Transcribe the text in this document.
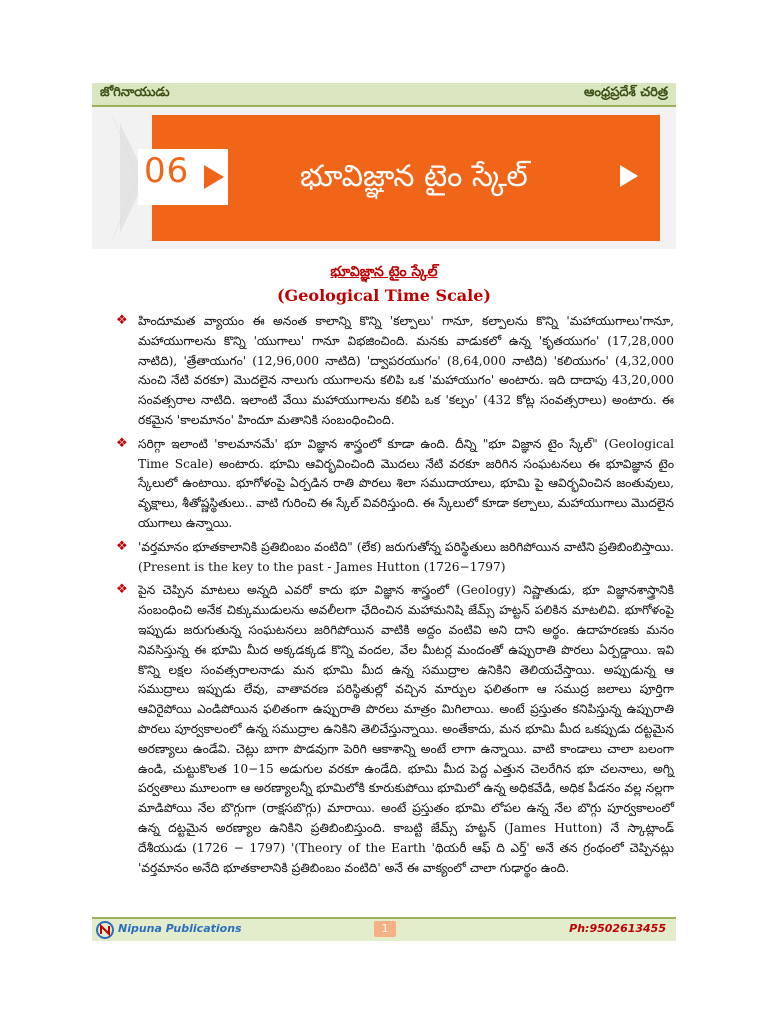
జోగినాయుడు	ఆంధ్రప్రదేశ్ చరిత్ర
06	భూవిజ్ఞాన టైం స్కేల్
భూవిజ్ఞాన టైం స్కేల్
(Geological Time Scale)

❖ హిందూమత వ్యాయం ఈ అనంత కాలాన్ని కొన్ని 'కల్పాలు' గానూ, కల్పాలను కొన్ని 'మహాయుగాలు'గానూ, మహాయుగాలను కొన్ని 'యుగాలు' గానూ విభజించింది. మనకు వాడుకలో ఉన్న 'కృతయుగం' (17,28,000 నాటిది), 'త్రేతాయుగం' (12,96,000 నాటిది) 'ద్వాపరయుగం' (8,64,000 నాటిది) 'కలియుగం' (4,32,000 నుంచి నేటి వరకూ) మొదలైన నాలుగు యుగాలను కలిపి ఒక 'మహాయుగం' అంటారు. ఇది దాదాపు 43,20,000 సంవత్సరాల నాటిది. ఇలాంటి వేయి మహాయుగాలను కలిపి ఒక 'కల్పం' (432 కోట్ల సంవత్సరాలు) అంటారు. ఈ రకమైన 'కాలమానం' హిందూ మతానికి సంబంధించింది.

❖ సరిగ్గా ఇలాంటి 'కాలమానమే' భూ విజ్ఞాన శాస్త్రంలో కూడా ఉంది. దీన్ని "భూ విజ్ఞాన టైం స్కేల్" (Geological Time Scale) అంటారు. భూమి ఆవిర్భవించింది మొదలు నేటి వరకూ జరిగిన సంఘటనలు ఈ భూవిజ్ఞాన టైం స్కేలులో ఉంటాయి. భూగోళంపై ఏర్పడిన రాతి పొరలు శిలా సముదాయాలు, భూమి పై ఆవిర్భవించిన జంతువులు, వృక్షాలు, శీతోష్ణస్థితులు.. వాటి గురించి ఈ స్కేల్ వివరిస్తుంది. ఈ స్కేలులో కూడా కల్పాలు, మహాయుగాలు మొదలైన యుగాలు ఉన్నాయి.

❖ 'వర్తమానం భూతకాలానికి ప్రతిబింబం వంటిది" (లేక) జరుగుతోన్న పరిస్థితులు జరిగిపోయిన వాటిని ప్రతిబింబిస్తాయి. (Present is the key to the past - James Hutton (1726−1797)

❖ పైన చెప్పిన మాటలు అన్నది ఎవరో కాదు భూ విజ్ఞాన శాస్త్రంలో (Geology) నిష్ణాతుడు, భూ విజ్ఞానశాస్త్రానికి సంబంధించి అనేక చిక్కుముడులను అవలీలగా ఛేదించిన మహామనిషి జేమ్స్ హట్టన్ పలికిన మాటలివి. భూగోళంపై ఇప్పుడు జరుగుతున్న సంఘటనలు జరిగిపోయిన వాటికి అద్దం వంటివి అని దాని అర్థం. ఉదాహరణకు మనం నివసిస్తున్న ఈ భూమి మీద అక్కడక్కడ కొన్ని వందల, వేల మీటర్ల మందంతో ఉప్పురాతి పొరలు ఏర్పడ్డాయి. ఇవి కొన్ని లక్షల సంవత్సరాలనాడు మన భూమి మీద ఉన్న సముద్రాల ఉనికిని తెలియచేస్తాయి. అప్పుడున్న ఆ సముద్రాలు ఇప్పుడు లేవు, వాతావరణ పరిస్థితుల్లో వచ్చిన మార్పుల ఫలితంగా ఆ సముద్ర జలాలు పూర్తిగా ఆవిరైపోయి ఎండిపోయిన ఫలితంగా ఉప్పురాతి పొరలు మాత్రం మిగిలాయి. అంటే ప్రస్తుతం కనిపిస్తున్న ఉప్పురాతి పొరలు పూర్వకాలంలో ఉన్న సముద్రాల ఉనికిని తెలిచేస్తున్నాయి. అంతేకాదు, మన భూమి మీద ఒకప్పుడు దట్టమైన అరణ్యాలు ఉండేవి. చెట్లు బాగా పొడవుగా పెరిగి ఆకాశాన్ని అంటే లాగా ఉన్నాయి. వాటి కాండాలు చాలా బలంగా ఉండి, చుట్టుకొలత 10−15 అడుగుల వరకూ ఉండేది. భూమి మీద పెద్ద ఎత్తున చెలరేగిన భూ చలనాలు, అగ్ని పర్వతాలు మూలంగా ఆ అరణ్యాలన్నీ భూమిలోకి కూరుకుపోయి భూమిలో ఉన్న అధికవేడి, అధిక పీడనం వల్ల నల్లగా మాడిపోయి నేల బొగ్గుగా (రాక్షసబొగ్గు) మారాయి. అంటే ప్రస్తుతం భూమి లోపల ఉన్న నేల బొగ్గు పూర్వకాలంలో ఉన్న దట్టమైన అరణ్యాల ఉనికిని ప్రతిబింబిస్తుంది. కాబట్టి జేమ్స్ హట్టన్ (James Hutton) నే స్కాట్లాండ్ దేశీయుడు (1726 − 1797) '(Theory of the Earth 'థియరీ ఆఫ్ ది ఎర్త్' అనే తన గ్రంథంలో చెప్పినట్లు 'వర్తమానం అనేది భూతకాలానికి ప్రతిబింబం వంటిది' అనే ఈ వాక్యంలో చాలా గుఢార్థం ఉంది.

Nipuna Publications	1	Ph:9502613455
